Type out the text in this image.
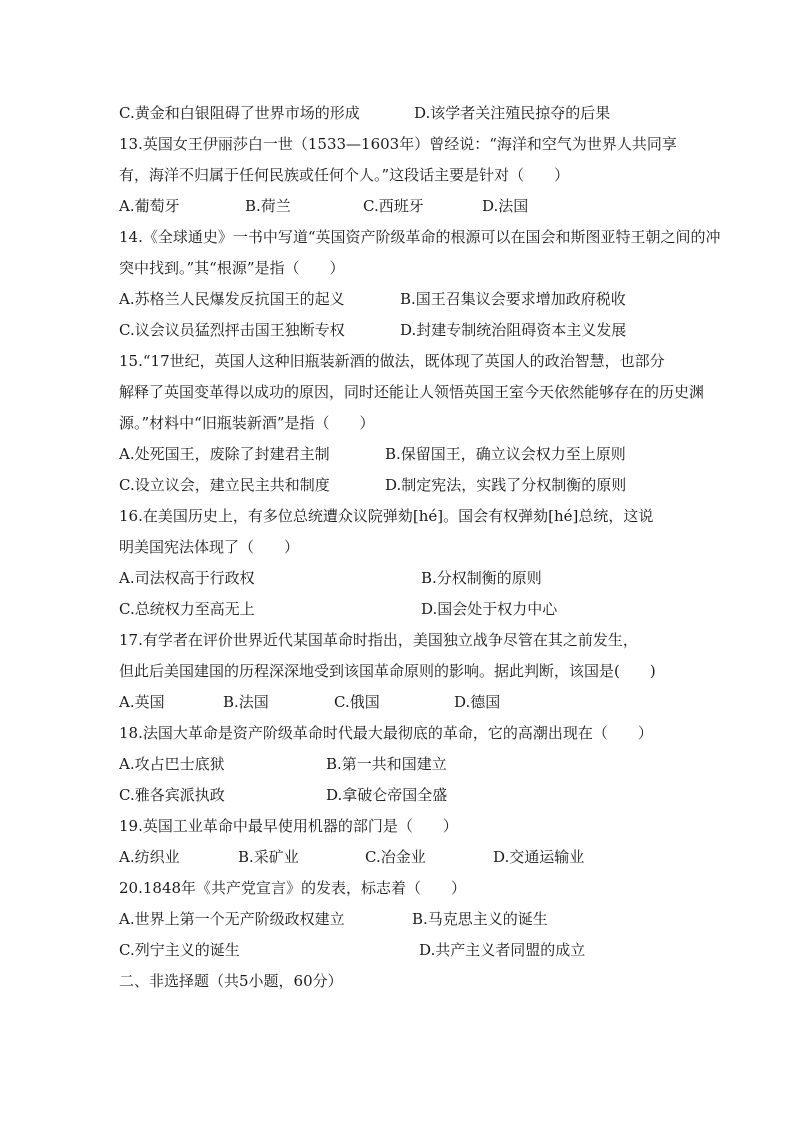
C.黄金和白银阻碍了世界市场的形成	D.该学者关注殖民掠夺的后果
13.英国女王伊丽莎白一世（1533—1603年）曾经说：“海洋和空气为世界人共同享
有，海洋不归属于任何民族或任何个人。”这段话主要是针对（　　）
A.葡萄牙	B.荷兰	C.西班牙	D.法国
14.《全球通史》一书中写道“英国资产阶级革命的根源可以在国会和斯图亚特王朝之间的冲
突中找到。”其“根源”是指（　　）
A.苏格兰人民爆发反抗国王的起义	B.国王召集议会要求增加政府税收
C.议会议员猛烈抨击国王独断专权	D.封建专制统治阻碍资本主义发展
15.“17世纪，英国人这种旧瓶装新酒的做法，既体现了英国人的政治智慧，也部分
解释了英国变革得以成功的原因，同时还能让人领悟英国王室今天依然能够存在的历史渊
源。”材料中“旧瓶装新酒”是指（　　）
A.处死国王，废除了封建君主制	B.保留国王，确立议会权力至上原则
C.设立议会，建立民主共和制度	D.制定宪法，实践了分权制衡的原则
16.在美国历史上，有多位总统遭众议院弹劾[hé]。国会有权弹劾[hé]总统，这说
明美国宪法体现了（　　）
A.司法权高于行政权	B.分权制衡的原则
C.总统权力至高无上	D.国会处于权力中心
17.有学者在评价世界近代某国革命时指出，美国独立战争尽管在其之前发生，
但此后美国建国的历程深深地受到该国革命原则的影响。据此判断，该国是(　　)
A.英国	B.法国	C.俄国	D.德国
18.法国大革命是资产阶级革命时代最大最彻底的革命，它的高潮出现在（　　）
A.攻占巴士底狱	B.第一共和国建立
C.雅各宾派执政	D.拿破仑帝国全盛
19.英国工业革命中最早使用机器的部门是（　　）
A.纺织业	B.采矿业	C.冶金业	D.交通运输业
20.1848年《共产党宣言》的发表，标志着（　　）
A.世界上第一个无产阶级政权建立	B.马克思主义的诞生
C.列宁主义的诞生	D.共产主义者同盟的成立
二、非选择题（共5小题，60分）
